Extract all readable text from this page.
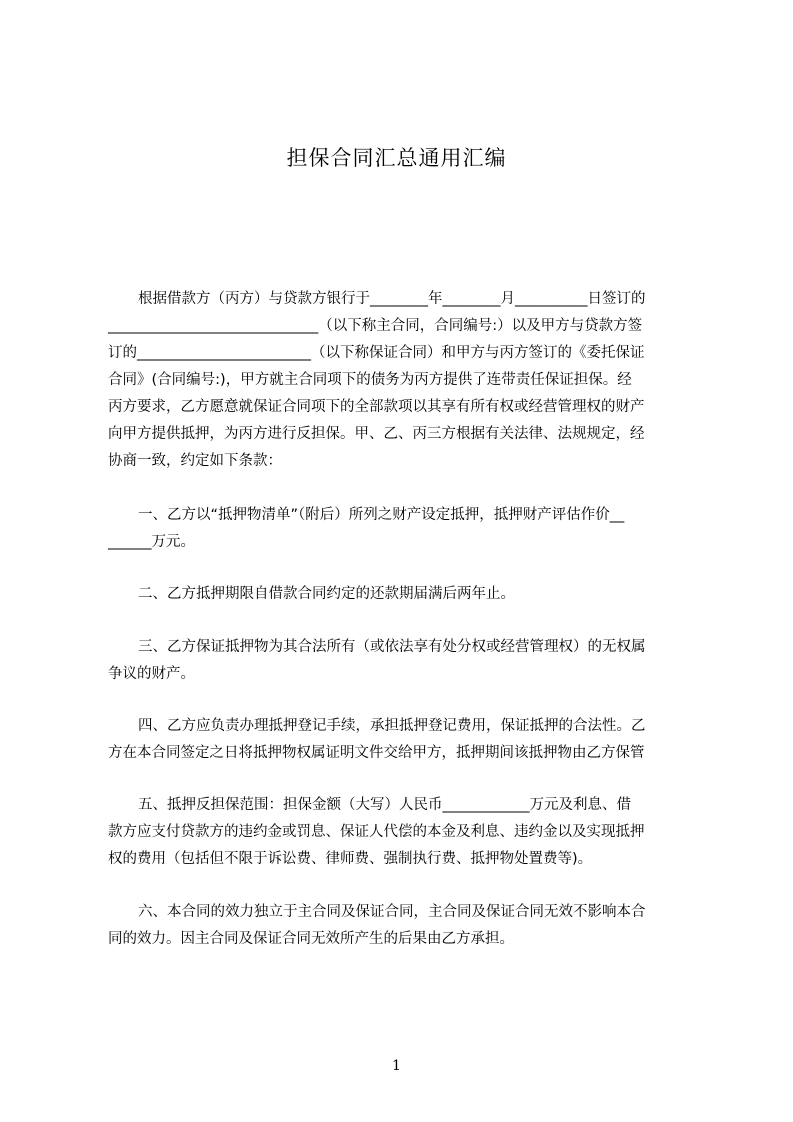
担保合同汇总通用汇编
根据借款方（丙方）与贷款方银行于________年________月__________日签订的
_____________________________（以下称主合同，合同编号:）以及甲方与贷款方签
订的________________________（以下称保证合同）和甲方与丙方签订的《委托保证
合同》(合同编号:)，甲方就主合同项下的债务为丙方提供了连带责任保证担保。经
丙方要求，乙方愿意就保证合同项下的全部款项以其享有所有权或经营管理权的财产
向甲方提供抵押，为丙方进行反担保。甲、乙、丙三方根据有关法律、法规规定，经
协商一致，约定如下条款：
一、乙方以“抵押物清单”（附后）所列之财产设定抵押，抵押财产评估作价__
______万元。
二、乙方抵押期限自借款合同约定的还款期届满后两年止。
三、乙方保证抵押物为其合法所有（或依法享有处分权或经营管理权）的无权属
争议的财产。
四、乙方应负责办理抵押登记手续，承担抵押登记费用，保证抵押的合法性。乙
方在本合同签定之日将抵押物权属证明文件交给甲方，抵押期间该抵押物由乙方保管
五、抵押反担保范围：担保金额（大写）人民币____________万元及利息、借
款方应支付贷款方的违约金或罚息、保证人代偿的本金及利息、违约金以及实现抵押
权的费用（包括但不限于诉讼费、律师费、强制执行费、抵押物处置费等)。
六、本合同的效力独立于主合同及保证合同，主合同及保证合同无效不影响本合
同的效力。因主合同及保证合同无效所产生的后果由乙方承担。
1
